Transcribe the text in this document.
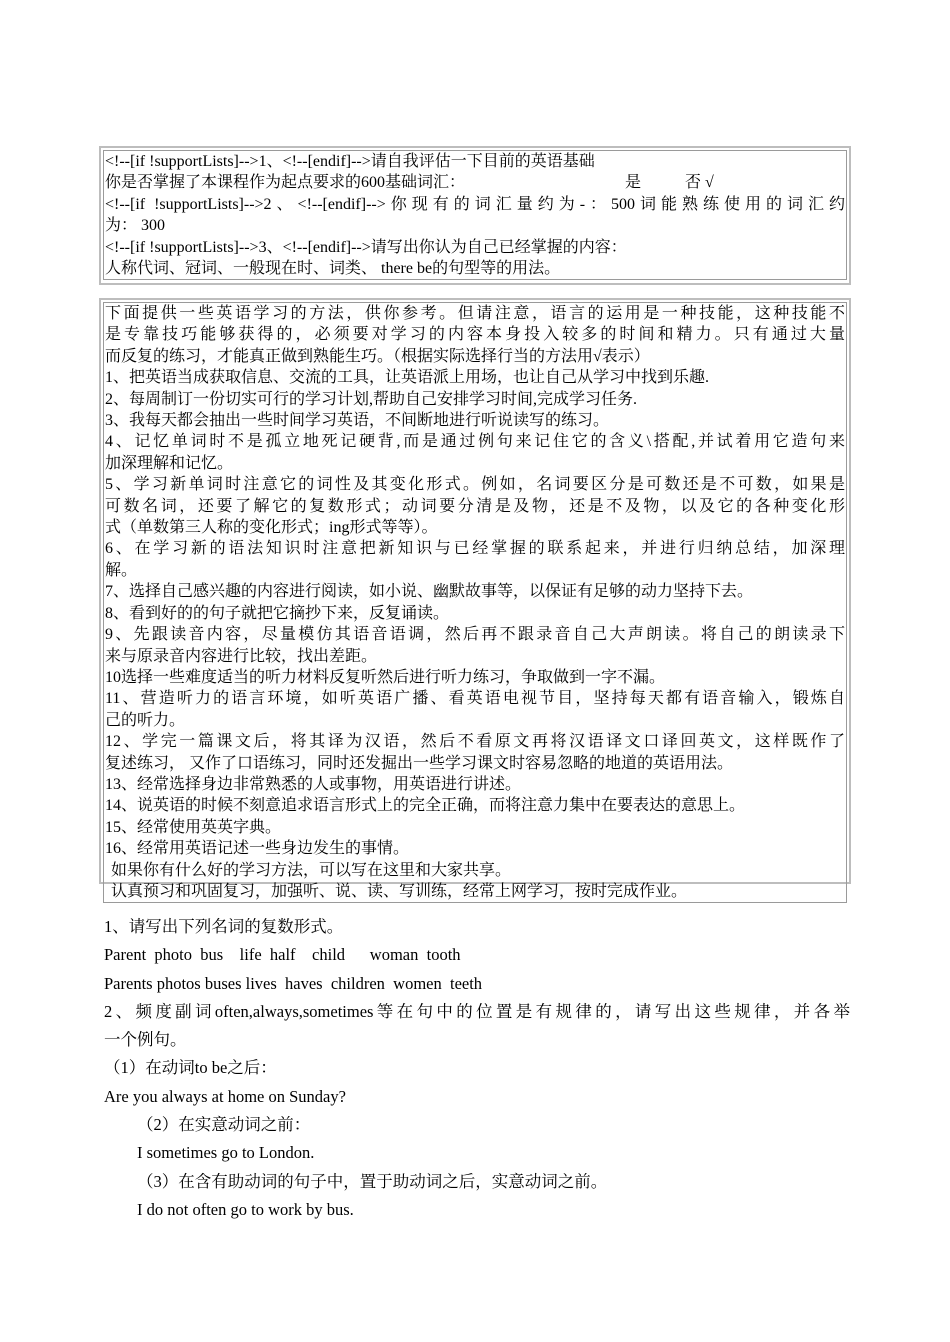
<!--[if !supportLists]-->1、<!--[endif]-->请自我评估一下目前的英语基础
你是否掌握了本课程作为起点要求的600基础词汇：	是	否 √
<!--[if !supportLists]-->2、<!--[endif]-->你现有的词汇量约为-：500词能熟练使用的词汇约
为： 300
<!--[if !supportLists]-->3、<!--[endif]-->请写出你认为自己已经掌握的内容：
人称代词、冠词、一般现在时、词类、 there be的句型等的用法。
下面提供一些英语学习的方法，供你参考。但请注意，语言的运用是一种技能，这种技能不
是专靠技巧能够获得的，必须要对学习的内容本身投入较多的时间和精力。只有通过大量
而反复的练习，才能真正做到熟能生巧。（根据实际选择行当的方法用√表示）
1、把英语当成获取信息、交流的工具，让英语派上用场，也让自己从学习中找到乐趣.
2、每周制订一份切实可行的学习计划,帮助自己安排学习时间,完成学习任务.
3、我每天都会抽出一些时间学习英语，不间断地进行听说读写的练习。
4、记忆单词时不是孤立地死记硬背,而是通过例句来记住它的含义\搭配,并试着用它造句来
加深理解和记忆。
5、学习新单词时注意它的词性及其变化形式。例如，名词要区分是可数还是不可数，如果是
可数名词，还要了解它的复数形式；动词要分清是及物，还是不及物，以及它的各种变化形
式（单数第三人称的变化形式；ing形式等等）。
6、在学习新的语法知识时注意把新知识与已经掌握的联系起来，并进行归纳总结，加深理
解。
7、选择自己感兴趣的内容进行阅读，如小说、幽默故事等，以保证有足够的动力坚持下去。
8、看到好的的句子就把它摘抄下来，反复诵读。
9、先跟读音内容，尽量模仿其语音语调，然后再不跟录音自己大声朗读。将自己的朗读录下
来与原录音内容进行比较，找出差距。
10选择一些难度适当的听力材料反复听然后进行听力练习，争取做到一字不漏。
11、营造听力的语言环境，如听英语广播、看英语电视节目，坚持每天都有语音输入，锻炼自
己的听力。
12、学完一篇课文后，将其译为汉语，然后不看原文再将汉语译文口译回英文，这样既作了
复述练习， 又作了口语练习，同时还发掘出一些学习课文时容易忽略的地道的英语用法。
13、经常选择身边非常熟悉的人或事物，用英语进行讲述。
14、说英语的时候不刻意追求语言形式上的完全正确，而将注意力集中在要表达的意思上。
15、经常使用英英字典。
16、经常用英语记述一些身边发生的事情。
如果你有什么好的学习方法，可以写在这里和大家共享。
认真预习和巩固复习，加强听、说、读、写训练，经常上网学习，按时完成作业。
1、请写出下列名词的复数形式。
Parent  photo  bus    life  half    child      woman  tooth
Parents photos buses lives  haves  children  women  teeth
2、频度副词often,always,sometimes等在句中的位置是有规律的，请写出这些规律，并各举
一个例句。
（1）在动词to be之后：
Are you always at home on Sunday?
（2）在实意动词之前：
I sometimes go to London.
（3）在含有助动词的句子中，置于助动词之后，实意动词之前。
I do not often go to work by bus.
